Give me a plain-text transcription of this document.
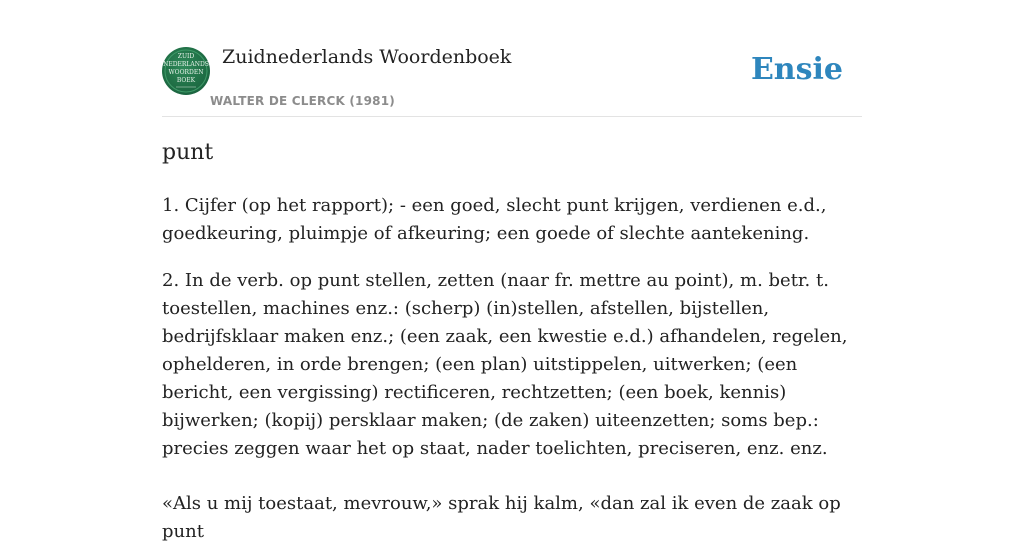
ZUID
NEDERLANDS
WOORDEN
BOEK
Zuidnederlands Woordenboek
WALTER DE CLERCK (1981)
Ensie
punt

1. Cijfer (op het rapport); - een goed, slecht punt krijgen, verdienen e.d., goedkeuring, pluimpje of afkeuring; een goede of slechte aantekening.

2. In de verb. op punt stellen, zetten (naar fr. mettre au point), m. betr. t. toestellen, machines enz.: (scherp) (in)stellen, afstellen, bijstellen, bedrijfsklaar maken enz.; (een zaak, een kwestie e.d.) afhandelen, regelen, ophelderen, in orde brengen; (een plan) uitstippelen, uitwerken; (een bericht, een vergissing) rectificeren, rechtzetten; (een boek, kennis) bijwerken; (kopij) persklaar maken; (de zaken) uiteenzetten; soms bep.: precies zeggen waar het op staat, nader toelichten, preciseren, enz. enz.

«Als u mij toestaat, mevrouw,» sprak hij kalm, «dan zal ik even de zaak op punt
